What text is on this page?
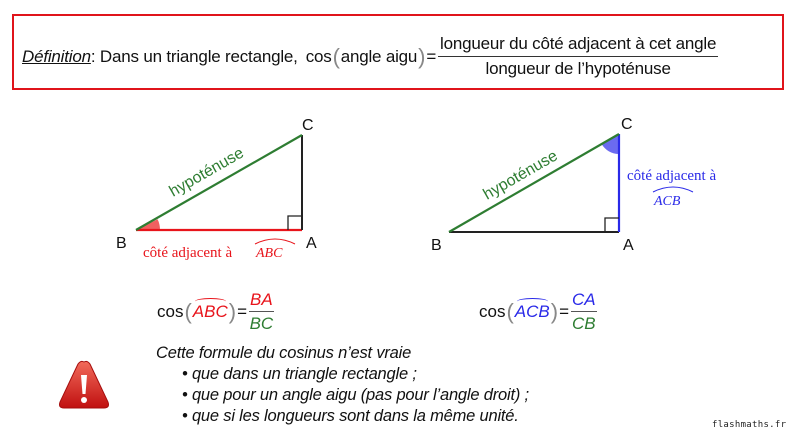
Définition : Dans un triangle rectangle, cos ( angle aigu ) = $\frac{\text{longueur du côté adjacent à cet angle}}{\text{longueur de l’hypoténuse}}$
B	A
C
hypoténuse
côté adjacent à ABC	B	A
C
hypoténuse	côté adjacent à
ACB
cos ( ABC ) = $\frac{BA}{BC}$	cos ( ACB ) = $\frac{CA}{CB}$
Cette formule du cosinus n’est vraie
• que dans un triangle rectangle ;
• que pour un angle aigu (pas pour l’angle droit) ;
• que si les longueurs sont dans la même unité.	flashmaths.fr
